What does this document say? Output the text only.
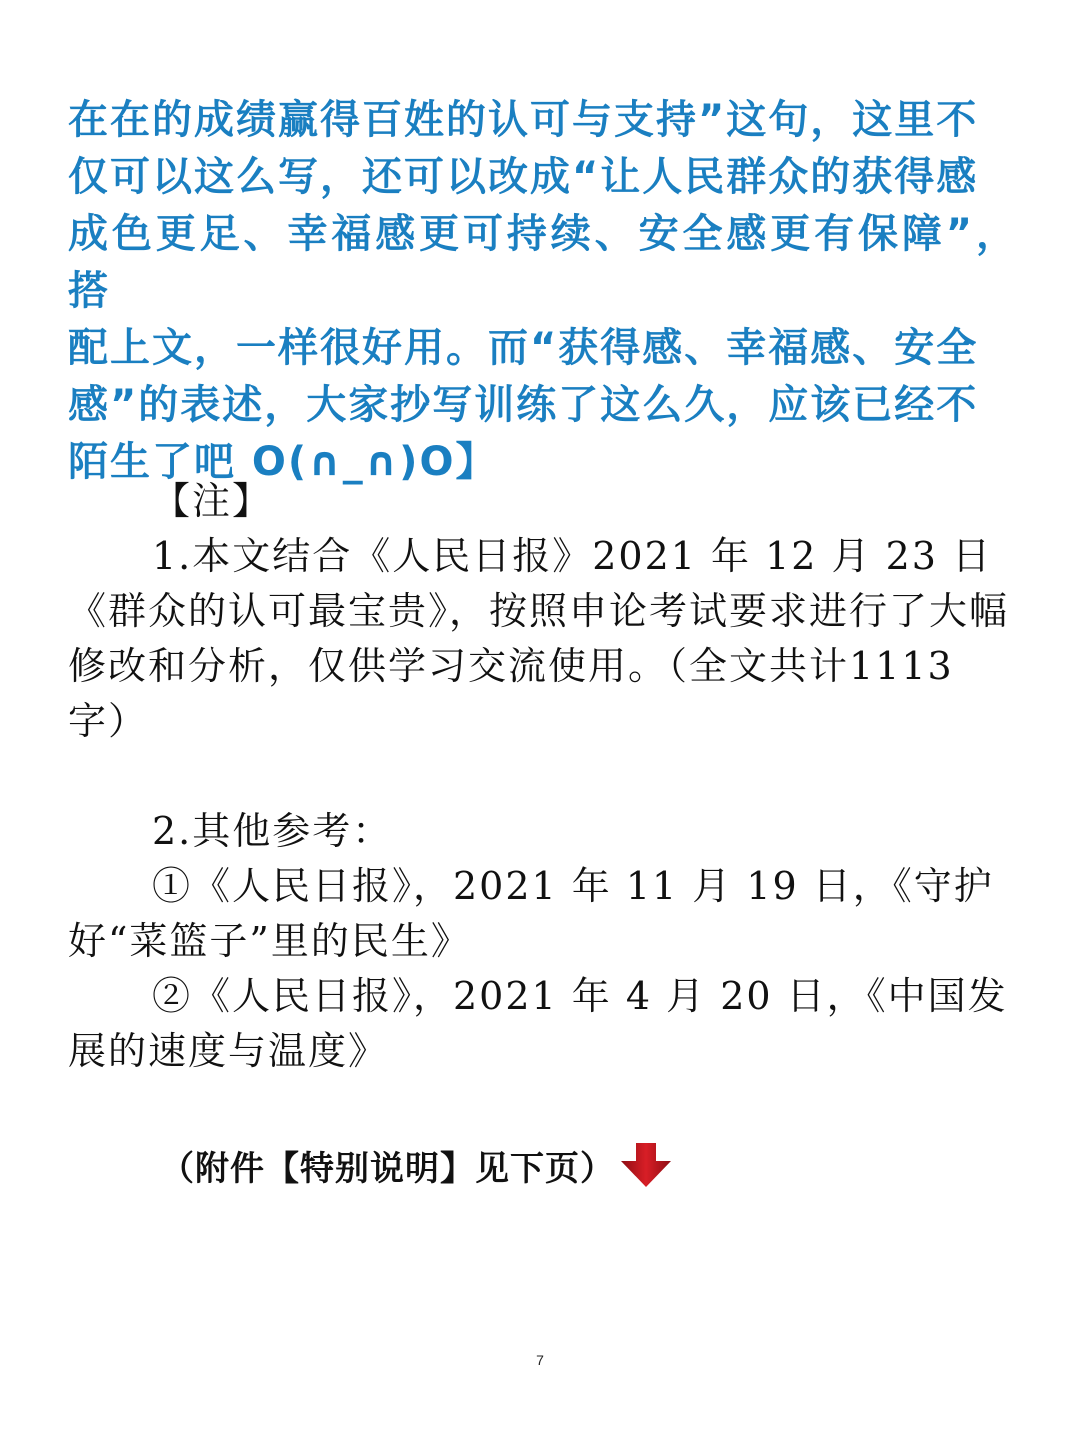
在在的成绩赢得百姓的认可与支持”这句，这里不

仅可以这么写，还可以改成“让人民群众的获得感

成色更足、幸福感更可持续、安全感更有保障”，搭

配上文，一样很好用。而“获得感、幸福感、安全

感”的表述，大家抄写训练了这么久，应该已经不

陌生了吧 O(∩_∩)O】

【注】

1.本文结合《人民日报》2021 年 12 月 23 日《群众的认可最宝贵》，按照申论考试要求进行了大幅修改和分析，仅供学习交流使用。（全文共计1113 字）

2.其他参考：

①《人民日报》，2021 年 11 月 19 日，《守护好“菜篮子”里的民生》

②《人民日报》，2021 年 4 月 20 日，《中国发展的速度与温度》

（附件【特别说明】见下页）
7
